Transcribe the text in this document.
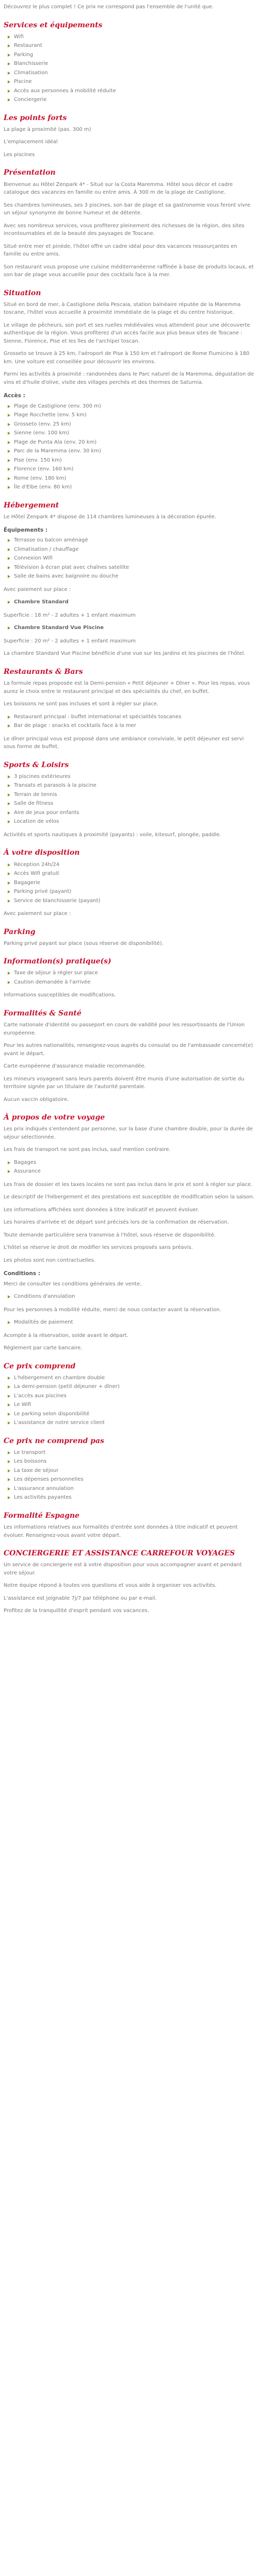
Découvrez le plus complet ! Ce prix ne correspond pas l'ensemble de l'unité que.

Services et équipements
Wifi
Restaurant
Parking
Blanchisserie
Climatisation
Piscine
Accès aux personnes à mobilité réduite
Conciergerie
Les points forts

La plage à proximité (pas. 300 m)

L'emplacement idéal

Les piscines

Présentation

Bienvenue au Hôtel Zenpark 4* - Situé sur la Costa Maremma. Hôtel sous décor et cadre catalogue des vacances en famille ou entre amis. À 300 m de la plage de Castiglione.

Ses chambres lumineuses, ses 3 piscines, son bar de plage et sa gastronomie vous feront vivre un séjour synonyme de bonne humeur et de détente.

Avec ses nombreux services, vous profiterez pleinement des richesses de la région, des sites incontournables et de la beauté des paysages de Toscane.

Situé entre mer et pinède, l'hôtel offre un cadre idéal pour des vacances ressourçantes en famille ou entre amis.

Son restaurant vous propose une cuisine méditerranéenne raffinée à base de produits locaux, et son bar de plage vous accueille pour des cocktails face à la mer.

Situation

Situé en bord de mer, à Castiglione della Pescaia, station balnéaire réputée de la Maremma toscane, l'hôtel vous accueille à proximité immédiate de la plage et du centre historique.

Le village de pêcheurs, son port et ses ruelles médiévales vous attendent pour une découverte authentique de la région. Vous profiterez d'un accès facile aux plus beaux sites de Toscane : Sienne, Florence, Pise et les îles de l'archipel toscan.

Grosseto se trouve à 25 km, l'aéroport de Pise à 150 km et l'aéroport de Rome Fiumicino à 180 km. Une voiture est conseillée pour découvrir les environs.

Parmi les activités à proximité : randonnées dans le Parc naturel de la Maremma, dégustation de vins et d'huile d'olive, visite des villages perchés et des thermes de Saturnia.

Accès :
Plage de Castiglione (env. 300 m)
Plage Rocchette (env. 5 km)
Grosseto (env. 25 km)
Sienne (env. 100 km)
Plage de Punta Ala (env. 20 km)
Parc de la Maremma (env. 30 km)
Pise (env. 150 km)
Florence (env. 160 km)
Rome (env. 180 km)
Île d'Elbe (env. 80 km)
Hébergement

Le Hôtel Zenpark 4* dispose de 114 chambres lumineuses à la décoration épurée.

Équipements :
Terrasse ou balcon aménagé
Climatisation / chauffage
Connexion Wifi
Télévision à écran plat avec chaînes satellite
Salle de bains avec baignoire ou douche

Avec paiement sur place :

Chambre Standard

Superficie : 18 m² - 2 adultes + 1 enfant maximum

Chambre Standard Vue Piscine

Superficie : 20 m² - 2 adultes + 1 enfant maximum

La chambre Standard Vue Piscine bénéficie d'une vue sur les jardins et les piscines de l'hôtel.

Restaurants & Bars

La formule repas proposée est la Demi-pension « Petit déjeuner + Dîner ». Pour les repas, vous aurez le choix entre le restaurant principal et des spécialités du chef, en buffet.

Les boissons ne sont pas incluses et sont à régler sur place.

Restaurant principal : buffet international et spécialités toscanes
Bar de plage : snacks et cocktails face à la mer

Le dîner principal vous est proposé dans une ambiance conviviale, le petit déjeuner est servi sous forme de buffet.

Sports & Loisirs
3 piscines extérieures
Transats et parasols à la piscine
Terrain de tennis
Salle de fitness
Aire de jeux pour enfants
Location de vélos

Activités et sports nautiques à proximité (payants) : voile, kitesurf, plongée, paddle.

À votre disposition
Réception 24h/24
Accès Wifi gratuit
Bagagerie
Parking privé (payant)
Service de blanchisserie (payant)

Avec paiement sur place :

Parking

Parking privé payant sur place (sous réserve de disponibilité).

Information(s) pratique(s)
Taxe de séjour à régler sur place
Caution demandée à l'arrivée

Informations susceptibles de modifications.

Formalités & Santé

Carte nationale d'identité ou passeport en cours de validité pour les ressortissants de l'Union européenne.

Pour les autres nationalités, renseignez-vous auprès du consulat ou de l'ambassade concerné(e) avant le départ.

Carte européenne d'assurance maladie recommandée.

Les mineurs voyageant sans leurs parents doivent être munis d'une autorisation de sortie du territoire signée par un titulaire de l'autorité parentale.

Aucun vaccin obligatoire.

À propos de votre voyage

Les prix indiqués s'entendent par personne, sur la base d'une chambre double, pour la durée de séjour sélectionnée.

Les frais de transport ne sont pas inclus, sauf mention contraire.

Bagages
Assurance

Les frais de dossier et les taxes locales ne sont pas inclus dans le prix et sont à régler sur place.

Le descriptif de l'hébergement et des prestations est susceptible de modification selon la saison.

Les informations affichées sont données à titre indicatif et peuvent évoluer.

Les horaires d'arrivée et de départ sont précisés lors de la confirmation de réservation.

Toute demande particulière sera transmise à l'hôtel, sous réserve de disponibilité.

L'hôtel se réserve le droit de modifier les services proposés sans préavis.

Les photos sont non contractuelles.

Conditions :

Merci de consulter les conditions générales de vente.

Conditions d'annulation

Pour les personnes à mobilité réduite, merci de nous contacter avant la réservation.

Modalités de paiement

Acompte à la réservation, solde avant le départ.

Règlement par carte bancaire.

Ce prix comprend
L'hébergement en chambre double
La demi-pension (petit déjeuner + dîner)
L'accès aux piscines
Le Wifi
Le parking selon disponibilité
L'assistance de notre service client
Ce prix ne comprend pas
Le transport
Les boissons
La taxe de séjour
Les dépenses personnelles
L'assurance annulation
Les activités payantes
Formalité Espagne

Les informations relatives aux formalités d'entrée sont données à titre indicatif et peuvent évoluer. Renseignez-vous avant votre départ.

CONCIERGERIE ET ASSISTANCE CARREFOUR VOYAGES

Un service de conciergerie est à votre disposition pour vous accompagner avant et pendant votre séjour.

Notre équipe répond à toutes vos questions et vous aide à organiser vos activités.

L'assistance est joignable 7j/7 par téléphone ou par e-mail.

Profitez de la tranquillité d'esprit pendant vos vacances.
